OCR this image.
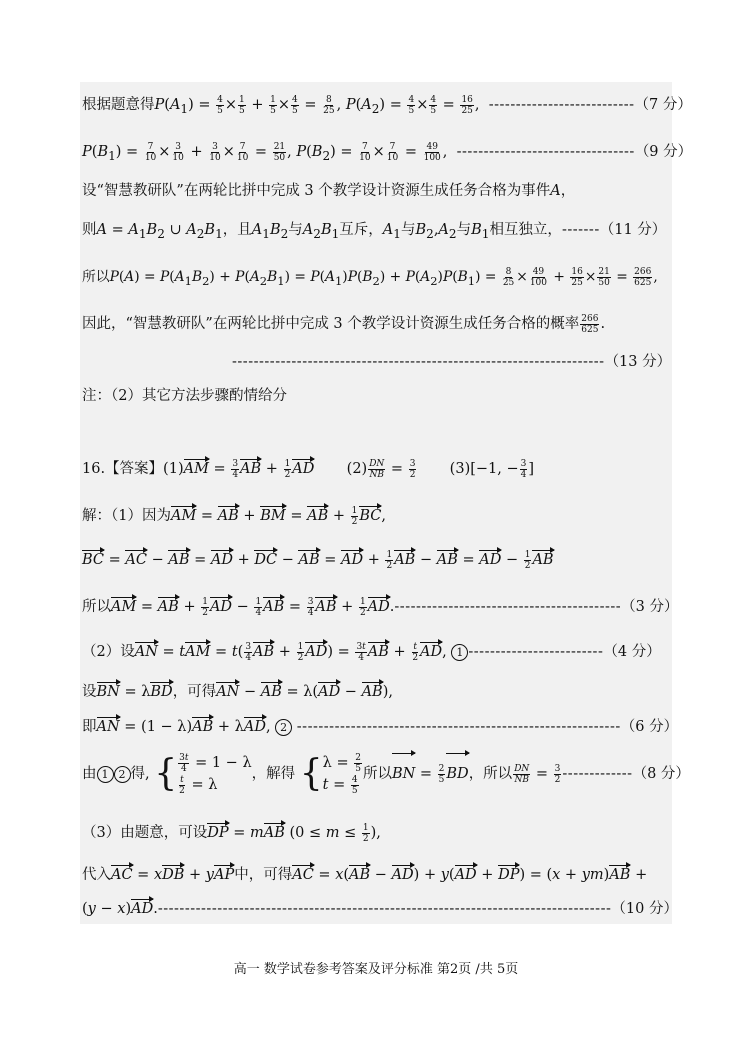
根据题意得$P(A_1) = \frac{4}{5} \times \frac{1}{5} + \frac{1}{5} \times \frac{4}{5} = \frac{8}{25}$ , $P(A_2) = \frac{4}{5} \times \frac{4}{5} = \frac{16}{25}$ ,  ---------------------------（7 分）
$P(B_1) = \frac{7}{10} \times \frac{3}{10} + \frac{3}{10} \times \frac{7}{10} = \frac{21}{50}$ , $P(B_2) = \frac{7}{10} \times \frac{7}{10} = \frac{49}{100}$ ,  ---------------------------------（9 分）
设“智慧教研队”在两轮比拼中完成 3 个教学设计资源生成任务合格为事件A，
则$A = A_1B_2$ ∪ $A_2B_1$，且$A_1B_2$与$A_2B_1$互斥，$A_1$与$B_2,A_2$与$B_1$相互独立，-------（11 分）
所以$P(A) = P(A_1B_2) + P(A_2B_1) = P(A_1)P(B_2) + P(A_2)P(B_1) = \frac{8}{25} \times \frac{49}{100} + \frac{16}{25} \times \frac{21}{50} = \frac{266}{625}$ ,
因此，“智慧教研队”在两轮比拼中完成 3 个教学设计资源生成任务合格的概率 $\frac{266}{625}$ .
---------------------------------------------------------------------（13 分）
注：（2）其它方法步骤酌情给分
16.【答案】$(1)AM = \frac{3}{4}$ AB + $\frac{1}{2}$ AD       $(2) \frac{DN}{NB} = \frac{3}{2} (3)[-1$, − $\frac{3}{4}$ ]
解：（1）因为AM = AB + BM = AB + $\frac{1}{2}$ BC,
BC = AC − AB = AD + DC − AB = AD + $\frac{1}{2}$ AB − AB = AD − $\frac{1}{2}$ AB
所以AM = AB + $\frac{1}{2}$ AD − $\frac{1}{4}$ AB = $\frac{3}{4}$ AB + $\frac{1}{2} AD.------------------------------------------(3$ 分）
（2）设AN = tAM = $t( \frac{3}{4}$ AB + $\frac{1}{2} AD) = \frac{3t}{4}$ AB + $\frac{t}{2}$ AD, 1 -------------------------（4 分）
设BN = λBD，可得AN − AB = λ(AD − AB),
即AN = (1 − λ)AB + λAD, 2 ------------------------------------------------------------（6 分）
由 1 2 得, { $\frac{3t}{4} = 1 - \lambda$
$\frac{t}{2} = \lambda$
，解得 { $\lambda = \frac{2}{5}$
$t = \frac{4}{5}$
所以BN = $\frac{2}{5}$ BD，所以 $\frac{DN}{NB} = \frac{3}{2} -------------(8$ 分）
（3）由题意，可设DP = mAB ($0 \le m \le \frac{1}{2}$ ),
代入AC = xDB + yAP中，可得AC = x(AB − AD) + y(AD + DP) = (x + ym)AB +
(y − x)AD.------------------------------------------------------------------------------------（10 分）
高一 数学试卷参考答案及评分标准 第2页 /共 5页
